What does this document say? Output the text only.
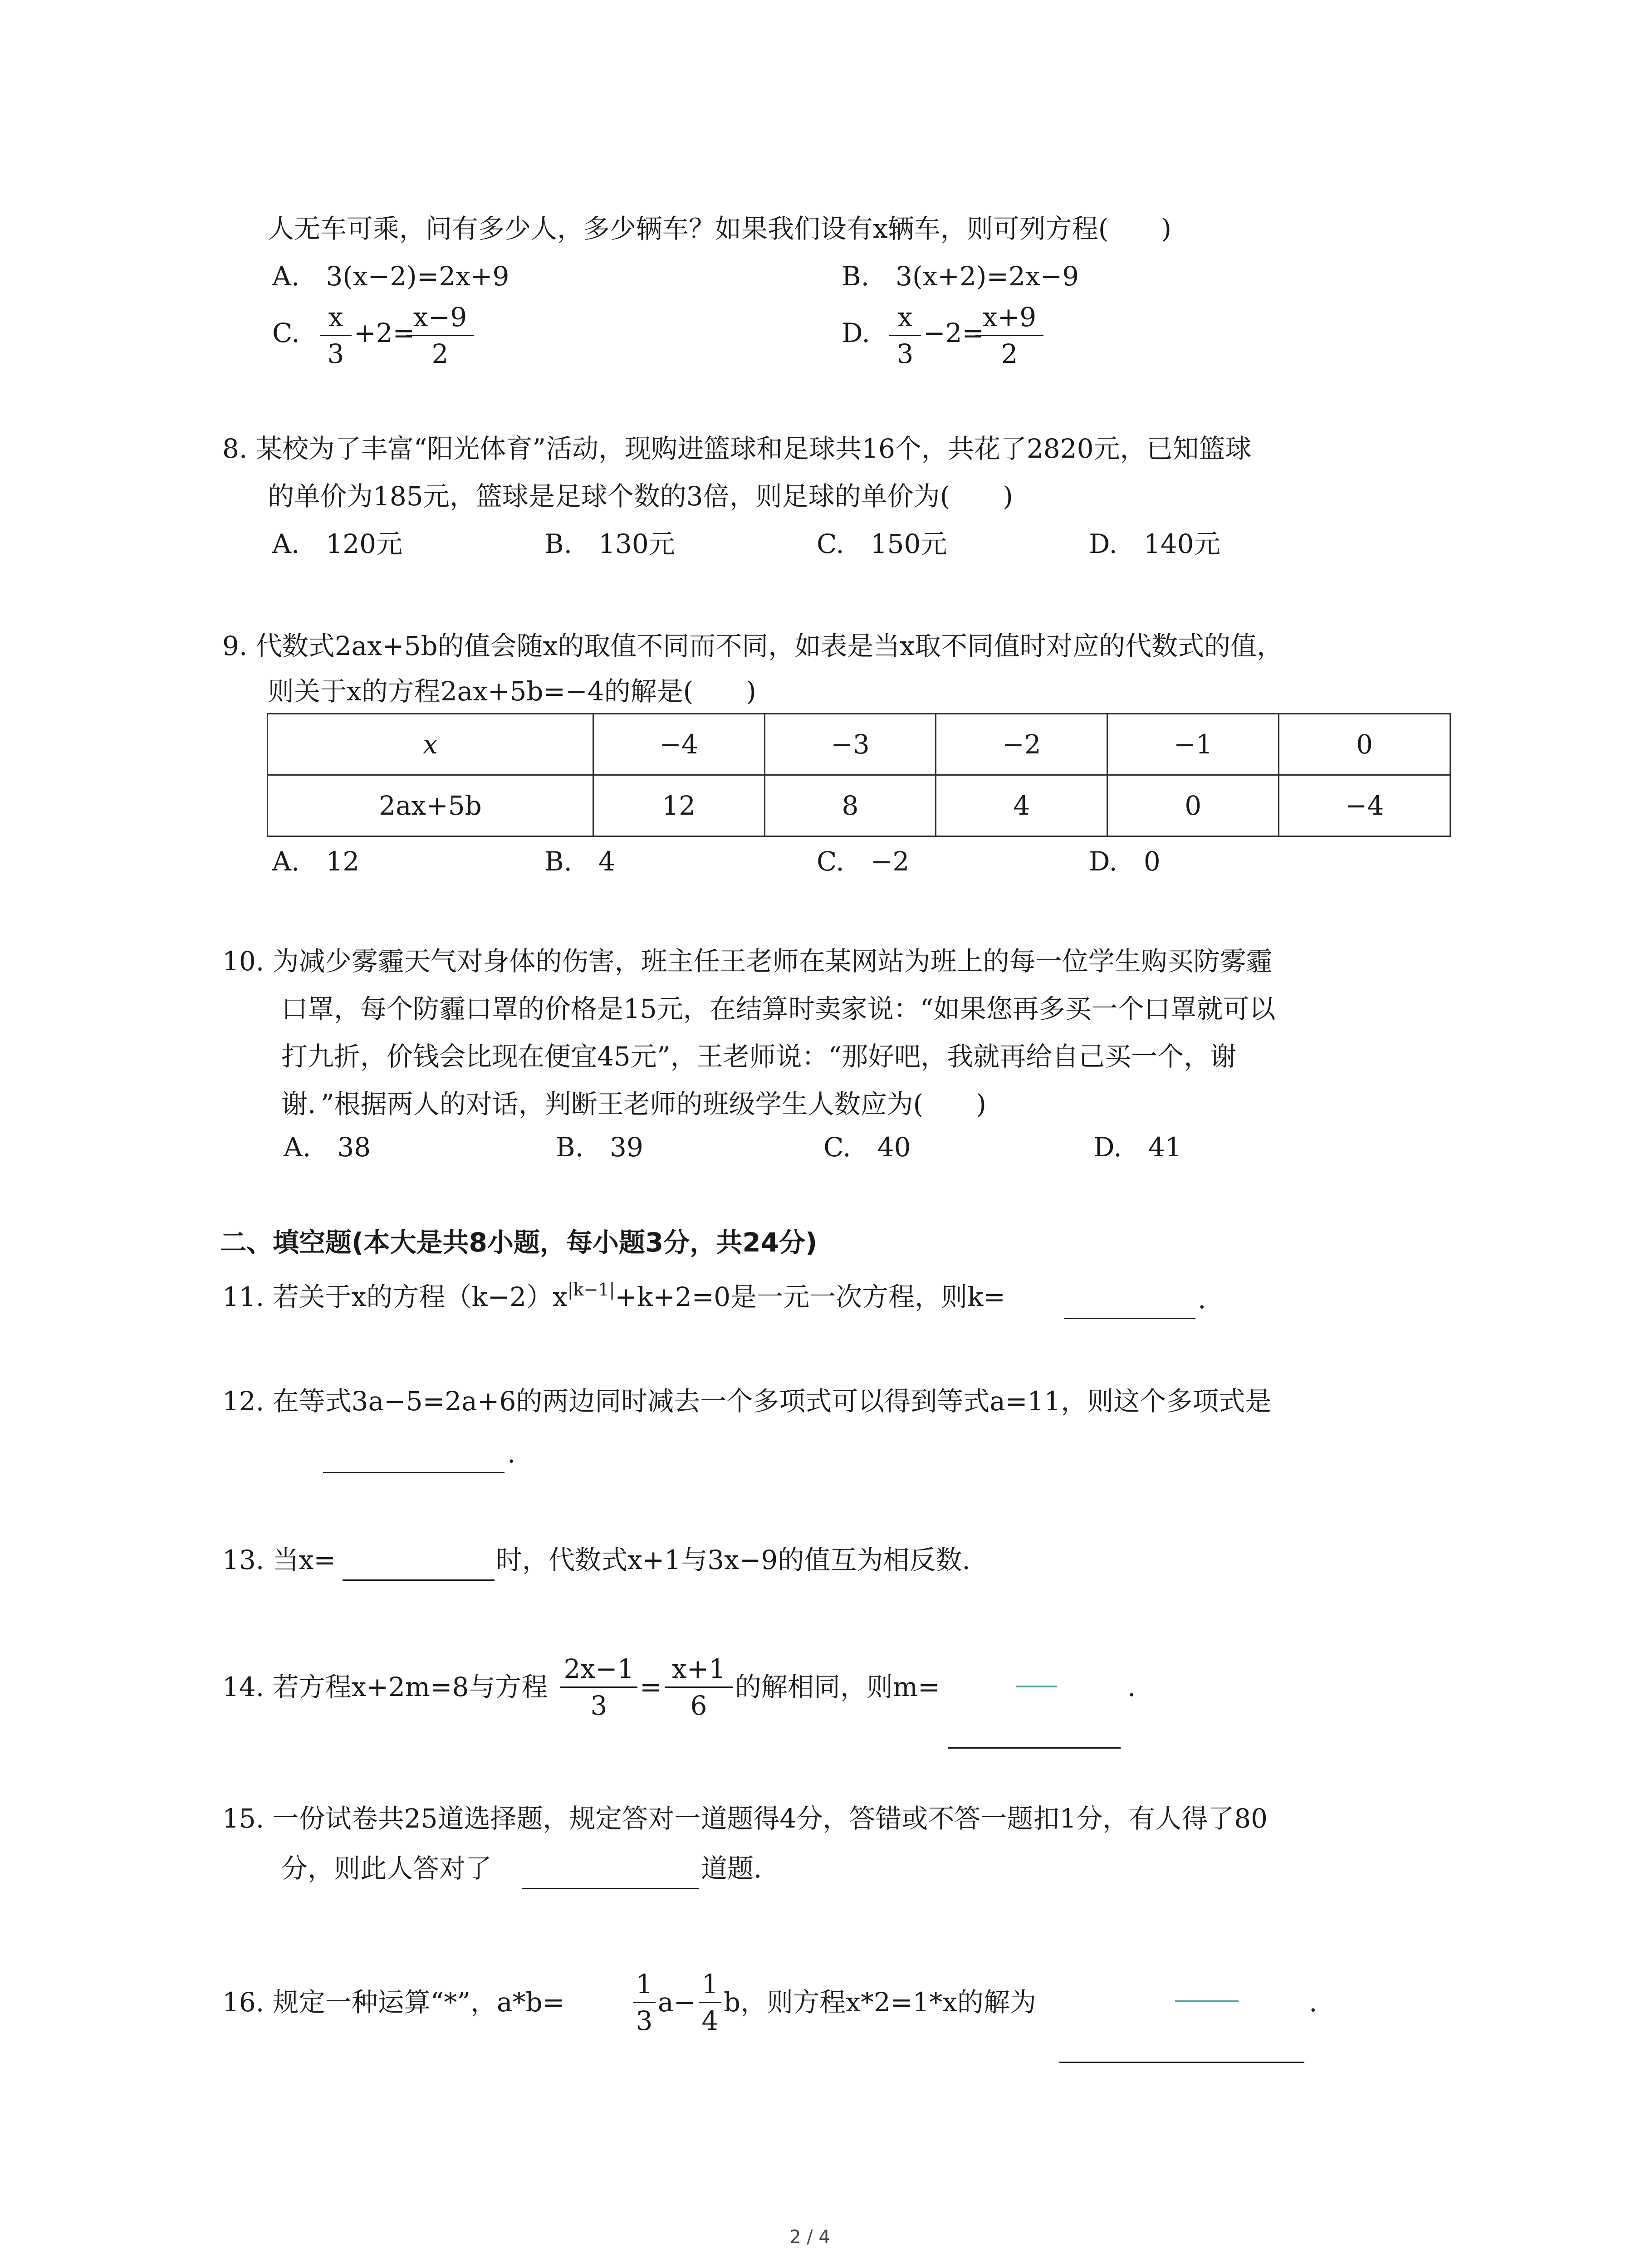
人无车可乘，问有多少人，多少辆车？如果我们设有x辆车，则可列方程(　　)
A.　3(x−2)=2x+9	B.　3(x+2)=2x−9
C.
x
3
+2=
x−9
2
D.
x
3
−2=
x+9
2
8. 某校为了丰富“阳光体育”活动，现购进篮球和足球共16个，共花了2820元，已知篮球
的单价为185元，篮球是足球个数的3倍，则足球的单价为(　　)
A.　120元	B.　130元	C.　150元	D.　140元
9. 代数式2ax+5b的值会随x的取值不同而不同，如表是当x取不同值时对应的代数式的值，
则关于x的方程2ax+5b=−4的解是(　　)
x	−4	−3	−2	−1	0
2ax+5b	12	8	4	0	−4
A.　12	B.　4	C.　−2	D.　0
10. 为减少雾霾天气对身体的伤害，班主任王老师在某网站为班上的每一位学生购买防雾霾
口罩，每个防霾口罩的价格是15元，在结算时卖家说：“如果您再多买一个口罩就可以
打九折，价钱会比现在便宜45元”，王老师说：“那好吧，我就再给自己买一个，谢
谢．”根据两人的对话，判断王老师的班级学生人数应为(　　)
A.　38	B.　39	C.　40	D.　41
二、填空题(本大是共8小题，每小题3分，共24分)
11. 若关于x的方程$(k-2)x^{|k-1|}+k+2=0$是一元一次方程，则k=	.
12. 在等式3a−5=2a+6的两边同时减去一个多项式可以得到等式a=11，则这个多项式是
.
13. 当x=	时，代数式x+1与3x−9的值互为相反数.
14. 若方程x+2m=8与方程
2x−1
3
=
x+1
6
的解相同，则m=	.
15. 一份试卷共25道选择题，规定答对一道题得4分，答错或不答一题扣1分，有人得了80
分，则此人答对了	道题.
16. 规定一种运算“*”，a*b=
1
3
a−
1
4
b，则方程x*2=1*x的解为	.
2 / 4
